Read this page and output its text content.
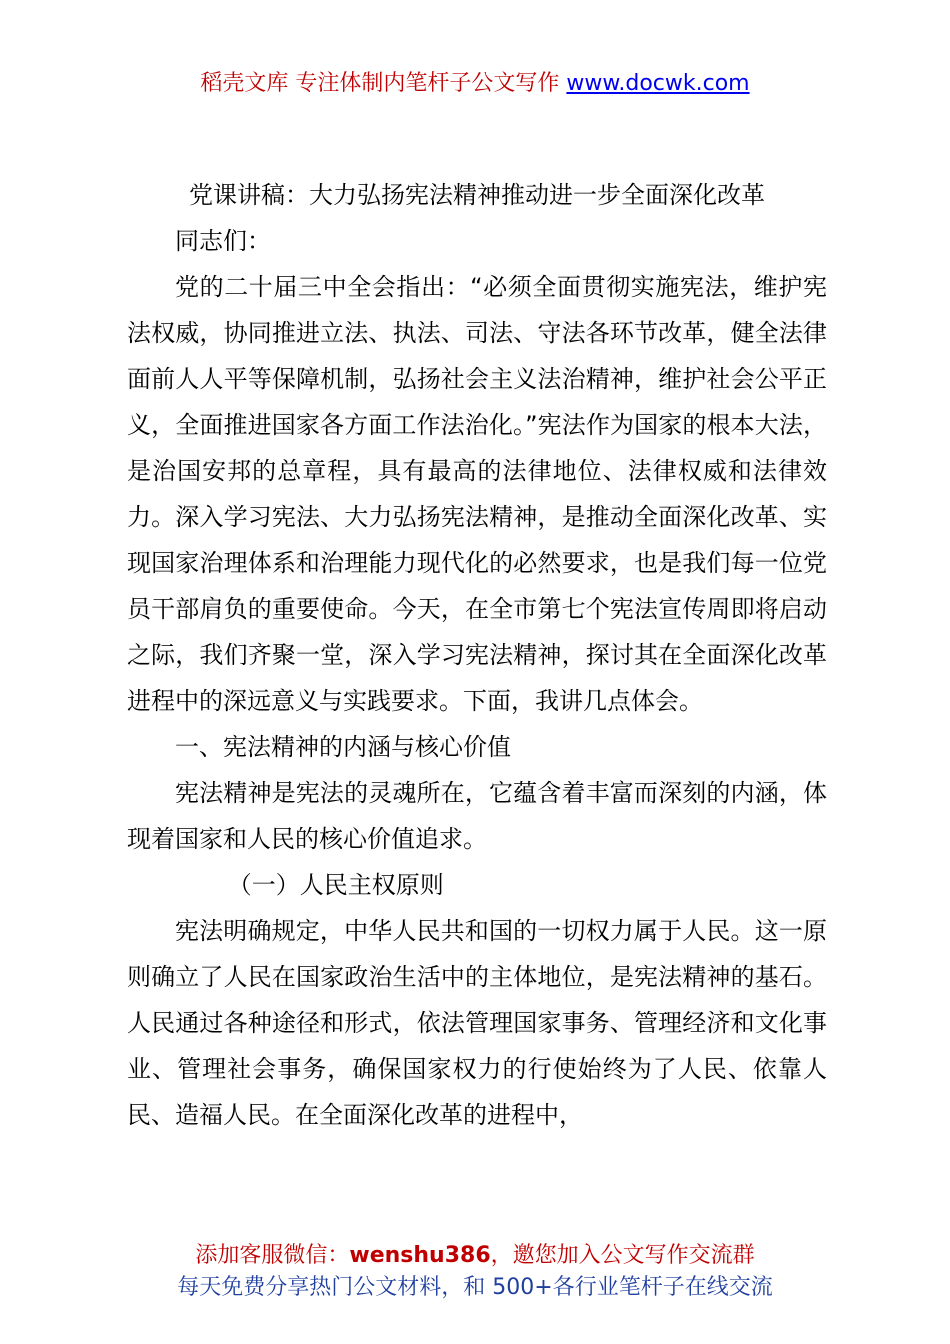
稻壳文库 专注体制内笔杆子公文写作 www.docwk.com

党课讲稿：大力弘扬宪法精神推动进一步全面深化改革

同志们：

党的二十届三中全会指出：“必须全面贯彻实施宪法，维护宪法权威，协同推进立法、执法、司法、守法各环节改革，健全法律面前人人平等保障机制，弘扬社会主义法治精神，维护社会公平正义，全面推进国家各方面工作法治化。”宪法作为国家的根本大法，是治国安邦的总章程，具有最高的法律地位、法律权威和法律效力。深入学习宪法、大力弘扬宪法精神，是推动全面深化改革、实现国家治理体系和治理能力现代化的必然要求，也是我们每一位党员干部肩负的重要使命。今天，在全市第七个宪法宣传周即将启动之际，我们齐聚一堂，深入学习宪法精神，探讨其在全面深化改革进程中的深远意义与实践要求。下面，我讲几点体会。

一、宪法精神的内涵与核心价值

宪法精神是宪法的灵魂所在，它蕴含着丰富而深刻的内涵，体现着国家和人民的核心价值追求。

（一）人民主权原则

宪法明确规定，中华人民共和国的一切权力属于人民。这一原则确立了人民在国家政治生活中的主体地位，是宪法精神的基石。人民通过各种途径和形式，依法管理国家事务、管理经济和文化事业、管理社会事务，确保国家权力的行使始终为了人民、依靠人民、造福人民。在全面深化改革的进程中，

添加客服微信：wenshu386，邀您加入公文写作交流群
每天免费分享热门公文材料，和 500+各行业笔杆子在线交流
